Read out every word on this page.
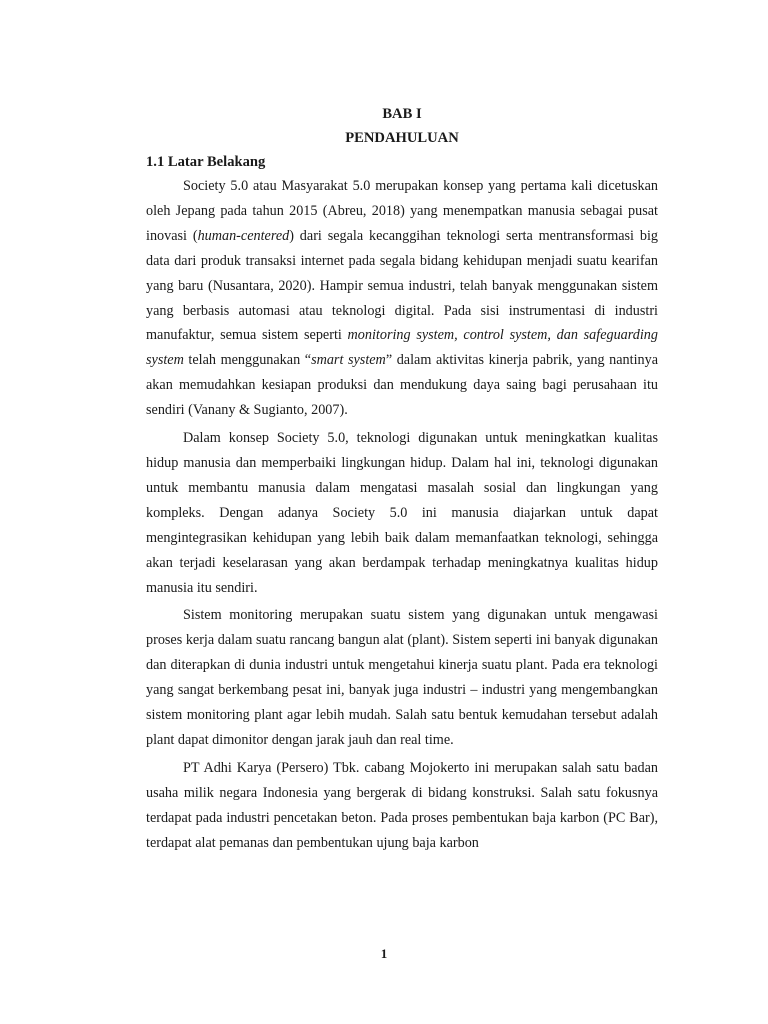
BAB I

PENDAHULUAN

1.1 Latar Belakang

Society 5.0 atau Masyarakat 5.0 merupakan konsep yang pertama kali dicetuskan oleh Jepang pada tahun 2015 (Abreu, 2018) yang menempatkan manusia sebagai pusat inovasi (human-centered) dari segala kecanggihan teknologi serta mentransformasi big data dari produk transaksi internet pada segala bidang kehidupan menjadi suatu kearifan yang baru (Nusantara, 2020). Hampir semua industri, telah banyak menggunakan sistem yang berbasis automasi atau teknologi digital. Pada sisi instrumentasi di industri manufaktur, semua sistem seperti monitoring system, control system, dan safeguarding system telah menggunakan “smart system” dalam aktivitas kinerja pabrik, yang nantinya akan memudahkan kesiapan produksi dan mendukung daya saing bagi perusahaan itu sendiri (Vanany & Sugianto, 2007).

Dalam konsep Society 5.0, teknologi digunakan untuk meningkatkan kualitas hidup manusia dan memperbaiki lingkungan hidup. Dalam hal ini, teknologi digunakan untuk membantu manusia dalam mengatasi masalah sosial dan lingkungan yang kompleks. Dengan adanya Society 5.0 ini manusia diajarkan untuk dapat mengintegrasikan kehidupan yang lebih baik dalam memanfaatkan teknologi, sehingga akan terjadi keselarasan yang akan berdampak terhadap meningkatnya kualitas hidup manusia itu sendiri.

Sistem monitoring merupakan suatu sistem yang digunakan untuk mengawasi proses kerja dalam suatu rancang bangun alat (plant). Sistem seperti ini banyak digunakan dan diterapkan di dunia industri untuk mengetahui kinerja suatu plant. Pada era teknologi yang sangat berkembang pesat ini, banyak juga industri – industri yang mengembangkan sistem monitoring plant agar lebih mudah. Salah satu bentuk kemudahan tersebut adalah plant dapat dimonitor dengan jarak jauh dan real time.

PT Adhi Karya (Persero) Tbk. cabang Mojokerto ini merupakan salah satu badan usaha milik negara Indonesia yang bergerak di bidang konstruksi. Salah satu fokusnya terdapat pada industri pencetakan beton. Pada proses pembentukan baja karbon (PC Bar), terdapat alat pemanas dan pembentukan ujung baja karbon

1
